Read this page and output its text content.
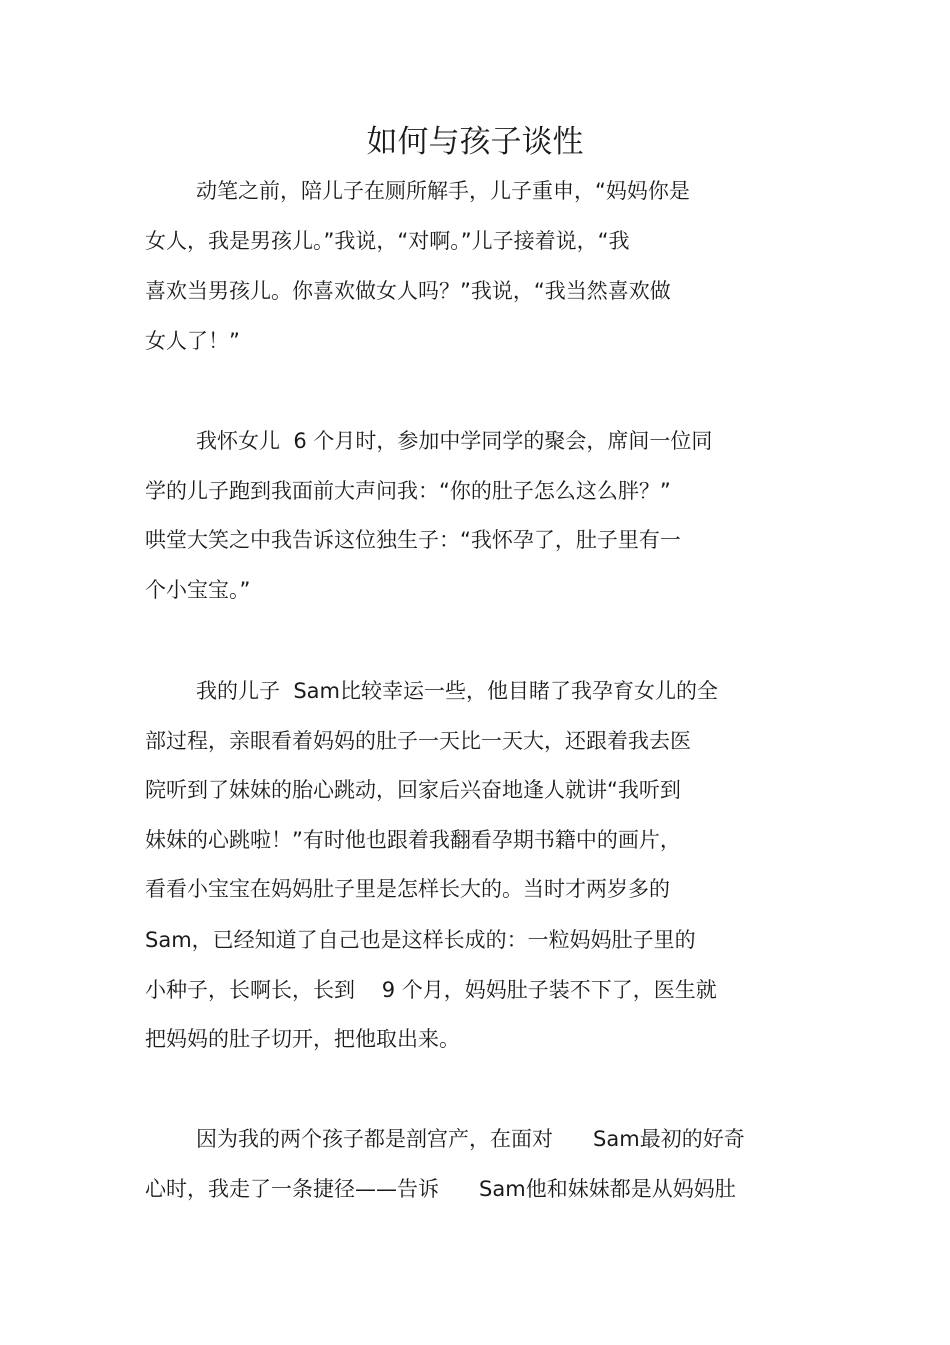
如何与孩子谈性

动笔之前，陪儿子在厕所解手，儿子重申，“妈妈你是

女人，我是男孩儿。”我说，“对啊。”儿子接着说，“我

喜欢当男孩儿。你喜欢做女人吗？”我说，“我当然喜欢做

女人了！”

我怀女儿  6 个月时，参加中学同学的聚会，席间一位同

学的儿子跑到我面前大声问我：“你的肚子怎么这么胖？”

哄堂大笑之中我告诉这位独生子：“我怀孕了，肚子里有一

个小宝宝。”

我的儿子  Sam比较幸运一些，他目睹了我孕育女儿的全

部过程，亲眼看着妈妈的肚子一天比一天大，还跟着我去医

院听到了妹妹的胎心跳动，回家后兴奋地逢人就讲“我听到

妹妹的心跳啦！”有时他也跟着我翻看孕期书籍中的画片，

看看小宝宝在妈妈肚子里是怎样长大的。当时才两岁多的

Sam，已经知道了自己也是这样长成的：一粒妈妈肚子里的

小种子，长啊长，长到    9 个月，妈妈肚子装不下了，医生就

把妈妈的肚子切开，把他取出来。

因为我的两个孩子都是剖宫产，在面对      Sam最初的好奇

心时，我走了一条捷径——告诉      Sam他和妹妹都是从妈妈肚
